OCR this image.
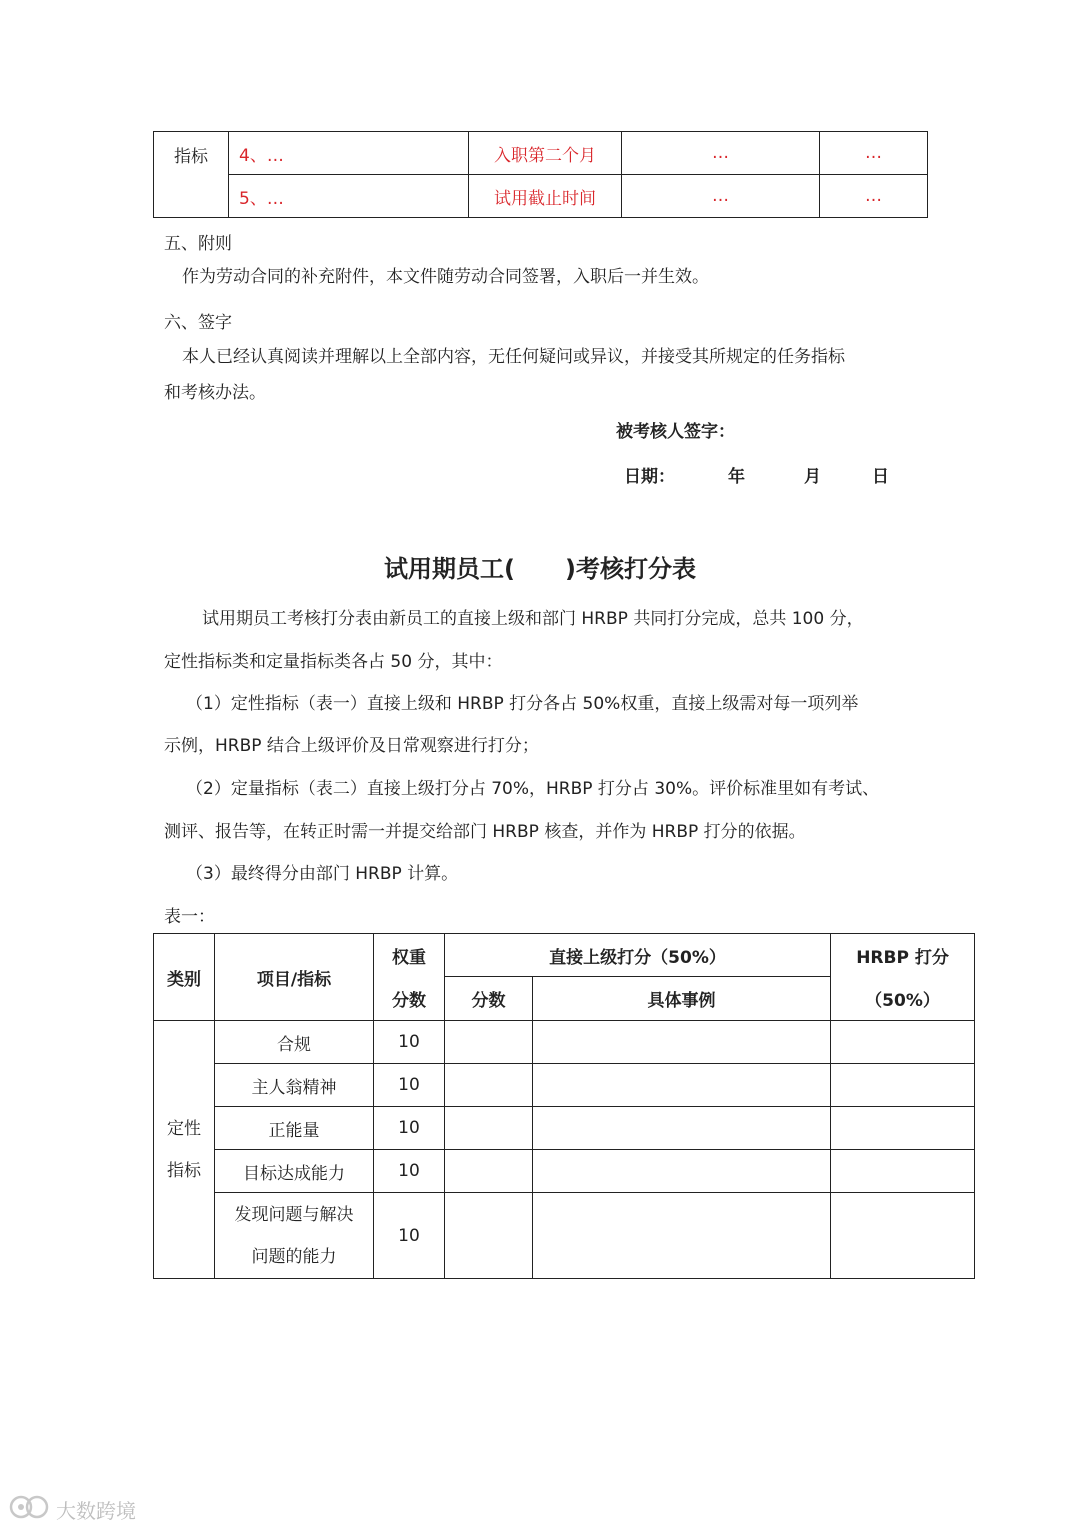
指标	4、…	入职第二个月	…	…
	5、…	试用截止时间	…	…
五、附则
作为劳动合同的补充附件，本文件随劳动合同签署，入职后一并生效。
六、签字
本人已经认真阅读并理解以上全部内容，无任何疑问或异议，并接受其所规定的任务指标
和考核办法。
被考核人签字：
日期：	年	月	日
试用期员工(      )考核打分表
试用期员工考核打分表由新员工的直接上级和部门 HRBP 共同打分完成，总共 100 分，
定性指标类和定量指标类各占 50 分，其中：
（1）定性指标（表一）直接上级和 HRBP 打分各占 50%权重，直接上级需对每一项列举
示例，HRBP 结合上级评价及日常观察进行打分；
（2）定量指标（表二）直接上级打分占 70%，HRBP 打分占 30%。评价标准里如有考试、
测评、报告等，在转正时需一并提交给部门 HRBP 核查，并作为 HRBP 打分的依据。
（3）最终得分由部门 HRBP 计算。
表一：
类别	项目/指标	权重	直接上级打分（50%）		HRBP 打分
		分数	分数	具体事例	（50%）

定性
指标	合规	10			
	主人翁精神	10			
	正能量	10			
	目标达成能力	10			

	发现问题与解决
问题的能力	10			
大数跨境
